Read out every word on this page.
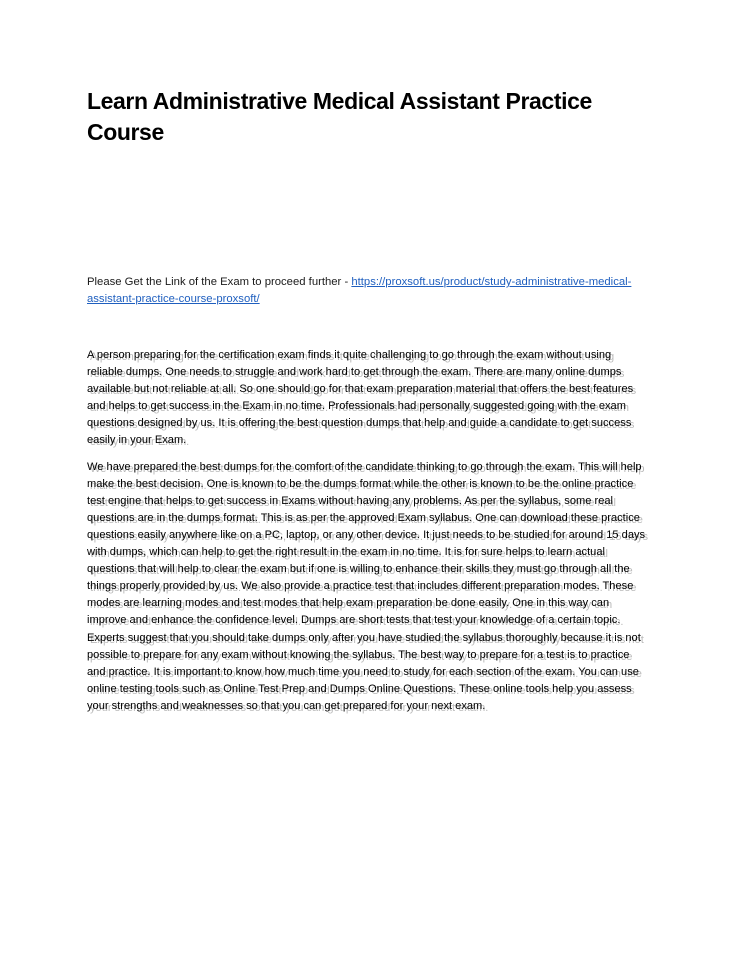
Learn Administrative Medical Assistant Practice Course

Please Get the Link of the Exam to proceed further - https://proxsoft.us/product/study-administrative-medical-assistant-practice-course-proxsoft/

A person preparing for the certification exam finds it quite challenging to go through the exam without using reliable dumps. One needs to struggle and work hard to get through the exam. There are many online dumps available but not reliable at all. So one should go for that exam preparation material that offers the best features and helps to get success in the Exam in no time. Professionals had personally suggested going with the exam questions designed by us. It is offering the best question dumps that help and guide a candidate to get success easily in your Exam.

We have prepared the best dumps for the comfort of the candidate thinking to go through the exam. This will help make the best decision. One is known to be the dumps format while the other is known to be the online practice test engine that helps to get success in Exams without having any problems. As per the syllabus, some real questions are in the dumps format. This is as per the approved Exam syllabus. One can download these practice questions easily anywhere like on a PC, laptop, or any other device. It just needs to be studied for around 15 days with dumps, which can help to get the right result in the exam in no time. It is for sure helps to learn actual questions that will help to clear the exam but if one is willing to enhance their skills they must go through all the things properly provided by us. We also provide a practice test that includes different preparation modes. These modes are learning modes and test modes that help exam preparation be done easily. One in this way can improve and enhance the confidence level. Dumps are short tests that test your knowledge of a certain topic. Experts suggest that you should take dumps only after you have studied the syllabus thoroughly because it is not possible to prepare for any exam without knowing the syllabus. The best way to prepare for a test is to practice and practice. It is important to know how much time you need to study for each section of the exam. You can use online testing tools such as Online Test Prep and Dumps Online Questions. These online tools help you assess your strengths and weaknesses so that you can get prepared for your next exam.
